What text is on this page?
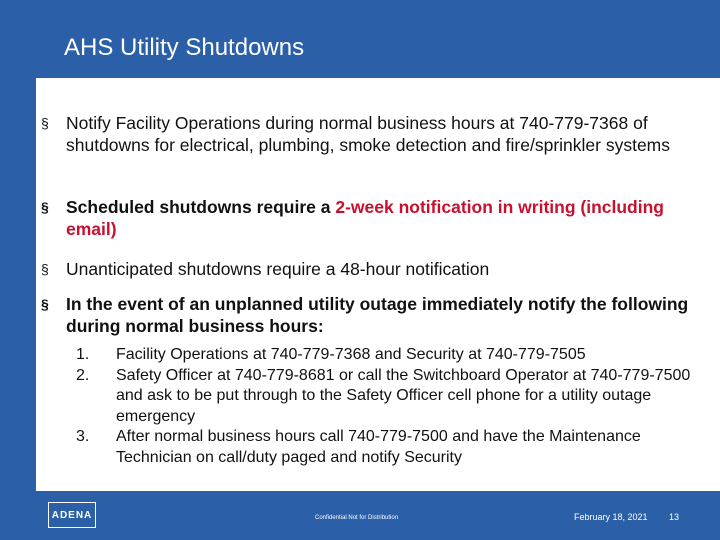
AHS Utility Shutdowns
§ Notify Facility Operations during normal business hours at 740-779-7368 of shutdowns for electrical, plumbing, smoke detection and fire/sprinkler systems
§ Scheduled shutdowns require a 2-week notification in writing (including email)
§ Unanticipated shutdowns require a 48-hour notification
§ In the event of an unplanned utility outage immediately notify the following during normal business hours:
1.	Facility Operations at 740-779-7368 and Security at 740-779-7505
2.	Safety Officer at 740-779-8681 or call the Switchboard Operator at 740-779-7500 and ask to be put through to the Safety Officer cell phone for a utility outage emergency
3.	After normal business hours call 740-779-7500 and have the Maintenance Technician on call/duty paged and notify Security
ADENA	Confidential Not for Distribution	February 18, 2021 13
